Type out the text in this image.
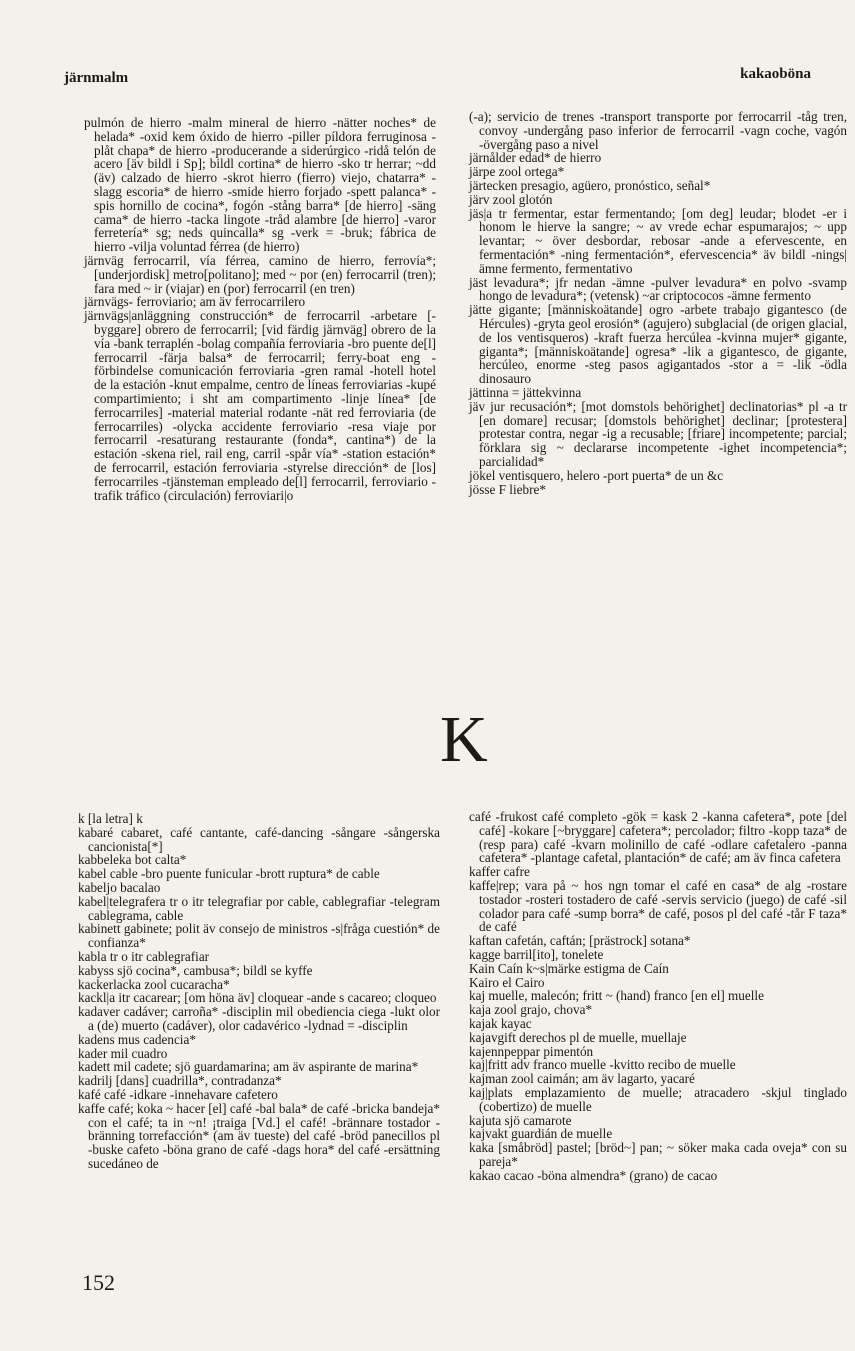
järnmalm	kakaoböna

pulmón de hierro -malm mineral de hierro -nätter noches* de helada* -oxid kem óxido de hierro -piller píldora ferruginosa -plåt chapa* de hierro -producerande a siderúrgico -ridå telón de acero [äv bildl i Sp]; bildl cortina* de hierro -sko tr herrar; ~dd (äv) calzado de hierro -skrot hierro (fierro) viejo, chatarra* -slagg escoria* de hierro -smide hierro forjado -spett palanca* -spis hornillo de cocina*, fogón -stång barra* [de hierro] -säng cama* de hierro -tacka lingote -tråd alambre [de hierro] -varor ferretería* sg; neds quincalla* sg -verk = -bruk; fábrica de hierro -vilja voluntad férrea (de hierro)

järnväg ferrocarril, vía férrea, camino de hierro, ferrovía*; [underjordisk] metro[politano]; med ~ por (en) ferrocarril (tren); fara med ~ ir (viajar) en (por) ferrocarril (en tren)

järnvägs- ferroviario; am äv ferrocarrilero

järnvägs|anläggning construcción* de ferrocarril -arbetare [-byggare] obrero de ferrocarril; [vid färdig järnväg] obrero de la vía -bank terraplén -bolag compañía ferroviaria -bro puente de[l] ferrocarril -färja balsa* de ferrocarril; ferry-boat eng -förbindelse comunicación ferroviaria -gren ramal -hotell hotel de la estación -knut empalme, centro de líneas ferroviarias -kupé compartimiento; i sht am compartimento -linje línea* [de ferrocarriles] -material material rodante -nät red ferroviaria (de ferrocarriles) -olycka accidente ferroviario -resa viaje por ferrocarril -resaturang restaurante (fonda*, cantina*) de la estación -skena riel, rail eng, carril -spår vía* -station estación* de ferrocarril, estación ferroviaria -styrelse dirección* de [los] ferrocarriles -tjänsteman empleado de[l] ferrocarril, ferroviario -trafik tráfico (circulación) ferroviari|o

(-a); servicio de trenes -transport transporte por ferrocarril -tåg tren, convoy -undergång paso inferior de ferrocarril -vagn coche, vagón -övergång paso a nivel

järnålder edad* de hierro

järpe zool ortega*

järtecken presagio, agüero, pronóstico, señal*

järv zool glotón

jäs|a tr fermentar, estar fermentando; [om deg] leudar; blodet -er i honom le hierve la sangre; ~ av vrede echar espumarajos; ~ upp levantar; ~ över desbordar, rebosar -ande a efervescente, en fermentación* -ning fermentación*, efervescencia* äv bildl -nings|ämne fermento, fermentativo

jäst levadura*; jfr nedan -ämne -pulver levadura* en polvo -svamp hongo de levadura*; (vetensk) ~ar criptococos -ämne fermento

jätte gigante; [människoätande] ogro -arbete trabajo gigantesco (de Hércules) -gryta geol erosión* (agujero) subglacial (de origen glacial, de los ventisqueros) -kraft fuerza hercúlea -kvinna mujer* gigante, giganta*; [människoätande] ogresa* -lik a gigantesco, de gigante, hercúleo, enorme -steg pasos agigantados -stor a = -lik -ödla dinosauro

jättinna = jättekvinna

jäv jur recusación*; [mot domstols behörighet] declinatorias* pl -a tr [en domare] recusar; [domstols behörighet] declinar; [protestera] protestar contra, negar -ig a recusable; [friare] incompetente; parcial; förklara sig ~ declararse incompetente -ighet incompetencia*; parcialidad*

jökel ventisquero, helero -port puerta* de un &c

jösse F liebre*

K

k [la letra] k

kabaré cabaret, café cantante, café-dancing -sångare -sångerska cancionista[*]

kabbeleka bot calta*

kabel cable -bro puente funicular -brott ruptura* de cable

kabeljo bacalao

kabel|telegrafera tr o itr telegrafiar por cable, cablegrafiar -telegram cablegrama, cable

kabinett gabinete; polit äv consejo de ministros -s|fråga cuestión* de confianza*

kabla tr o itr cablegrafiar

kabyss sjö cocina*, cambusa*; bildl se kyffe

kackerlacka zool cucaracha*

kackl|a itr cacarear; [om höna äv] cloquear -ande s cacareo; cloqueo

kadaver cadáver; carroña* -disciplin mil obediencia ciega -lukt olor a (de) muerto (cadáver), olor cadavérico -lydnad = -disciplin

kadens mus cadencia*

kader mil cuadro

kadett mil cadete; sjö guardamarina; am äv aspirante de marina*

kadrilj [dans] cuadrilla*, contradanza*

kafé café -idkare -innehavare cafetero

kaffe café; koka ~ hacer [el] café -bal bala* de café -bricka bandeja* con el café; ta in ~n! ¡traiga [Vd.] el café! -brännare tostador -bränning torrefacción* (am äv tueste) del café -bröd panecillos pl -buske cafeto -böna grano de café -dags hora* del café -ersättning sucedáneo de

café -frukost café completo -gök = kask 2 -kanna cafetera*, pote [del café] -kokare [~bryggare] cafetera*; percolador; filtro -kopp taza* de (resp para) café -kvarn molinillo de café -odlare cafetalero -panna cafetera* -plantage cafetal, plantación* de café; am äv finca cafetera

kaffer cafre

kaffe|rep; vara på ~ hos ngn tomar el café en casa* de alg -rostare tostador -rosteri tostadero de café -servis servicio (juego) de café -sil colador para café -sump borra* de café, posos pl del café -tår F taza* de café

kaftan cafetán, caftán; [prästrock] sotana*

kagge barril[ito], tonelete

Kain Caín k~s|märke estigma de Caín

Kairo el Cairo

kaj muelle, malecón; fritt ~ (hand) franco [en el] muelle

kaja zool grajo, chova*

kajak kayac

kajavgift derechos pl de muelle, muellaje

kajennpeppar pimentón

kaj|fritt adv franco muelle -kvitto recibo de muelle

kajman zool caimán; am äv lagarto, yacaré

kaj|plats emplazamiento de muelle; atracadero -skjul tinglado (cobertizo) de muelle

kajuta sjö camarote

kajvakt guardián de muelle

kaka [småbröd] pastel; [bröd~] pan; ~ söker maka cada oveja* con su pareja*

kakao cacao -böna almendra* (grano) de cacao

152
